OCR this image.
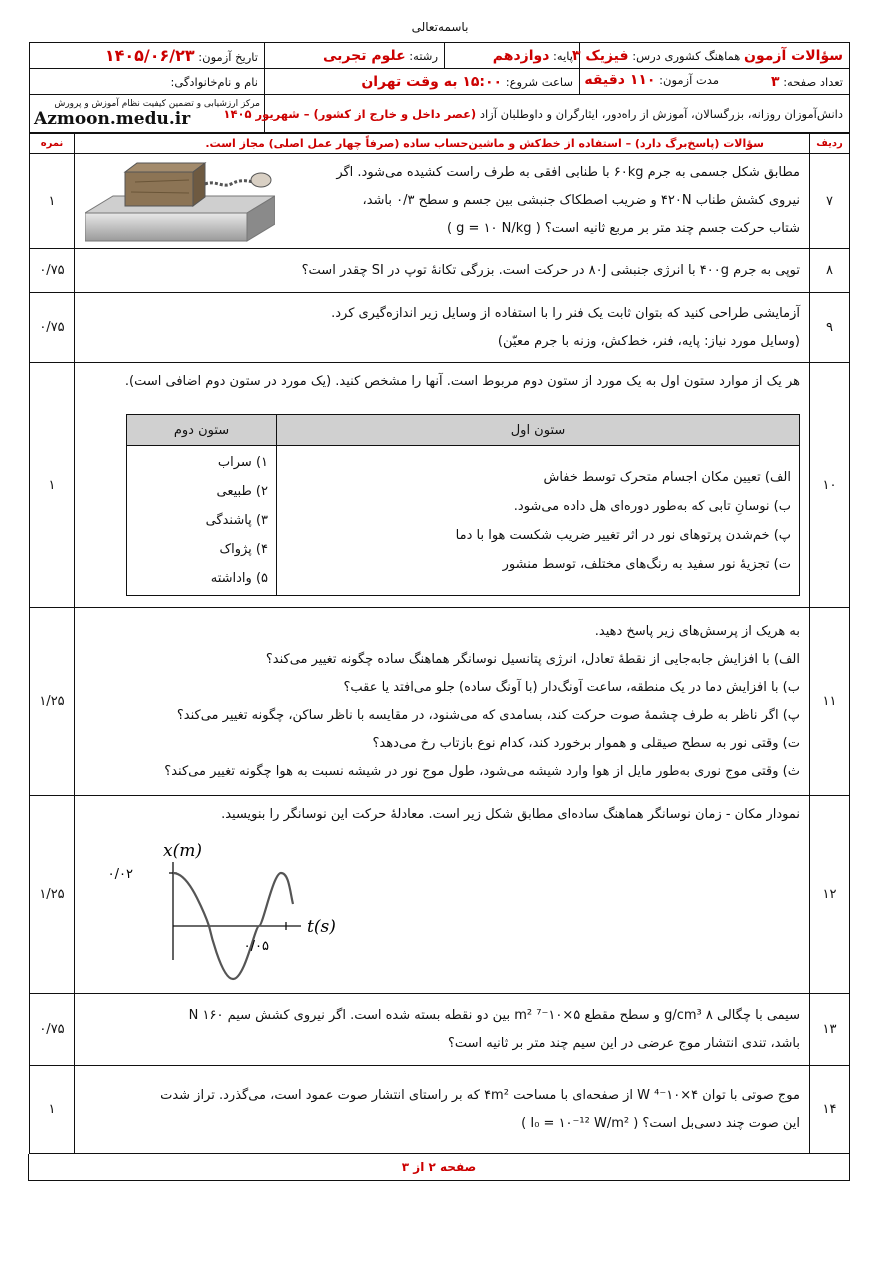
باسمه‌تعالی
سؤالات آزمون هماهنگ کشوری درس: فیزیک ۳	پایه: دوازدهم	رشته: علوم تجربی	تاریخ آزمون: ۱۴۰۵/۰۶/۲۳
تعداد صفحه: ۳
مدت آزمون: ۱۱۰ دقیقه	ساعت شروع: ۱۵:۰۰ به وقت تهران		نام و نام‌خانوادگی:
دانش‌آموزان روزانه، بزرگسالان، آموزش از راه‌دور، ایثارگران و داوطلبان آزاد (عصر داخل و خارج از کشور) – شهریور ۱۴۰۵			مرکز ارزشیابی و تضمین کیفیت نظام آموزش و پرورش
Azmoon.medu.ir
ردیف	سؤالات (پاسخ‌برگ دارد) – استفاده از خط‌کش و ماشین‌حساب ساده (صرفاً چهار عمل اصلی) مجاز است.	نمره
۷	
مطابق شکل جسمی به جرم ۶۰kg با طنابی افقی به طرف راست کشیده می‌شود. اگر
نیروی کشش طناب ۴۲۰N و ضریب اصطکاک جنبشی بین جسم و سطح ۰/۳ باشد،
شتاب حرکت جسم چند متر بر مربع ثانیه است؟ ( g = ۱۰ N/kg )
	۱
۸	
توپی به جرم ۴۰۰g با انرژی جنبشی ۸۰J در حرکت است. بزرگی تکانهٔ توپ در SI چقدر است؟
	۰/۷۵
۹	
آزمایشی طراحی کنید که بتوان ثابت یک فنر را با استفاده از وسایل زیر اندازه‌گیری کرد.
(وسایل مورد نیاز: پایه، فنر، خط‌کش، وزنه با جرم معیّن)
	۰/۷۵
۱۰	
هر یک از موارد ستون اول به یک مورد از ستون دوم مربوط است. آنها را مشخص کنید. (یک مورد در ستون دوم اضافی است).
ستون اول	ستون دوم

الف) تعیین مکان اجسام متحرک توسط خفاش
ب) نوسانِ تابی که به‌طور دوره‌ای هل داده می‌شود.
پ) خم‌شدن پرتوهای نور در اثر تغییر ضریب شکست هوا با دما
ت) تجزیهٔ نور سفید به رنگ‌های مختلف، توسط منشور

۱) سراب
۲) طبیعی
۳) پاشندگی
۴) پژواک
۵) واداشته
	۱
۱۱	
به هریک از پرسش‌های زیر پاسخ دهید.
الف) با افزایش جابه‌جایی از نقطهٔ تعادل، انرژی پتانسیل نوسانگر هماهنگ ساده چگونه تغییر می‌کند؟
ب) با افزایش دما در یک منطقه، ساعت آونگ‌دار (با آونگ ساده) جلو می‌افتد یا عقب؟
پ) اگر ناظر به طرف چشمهٔ صوت حرکت کند، بسامدی که می‌شنود، در مقایسه با ناظر ساکن، چگونه تغییر می‌کند؟
ت) وقتی نور به سطح صیقلی و هموار برخورد کند، کدام نوع بازتاب رخ می‌دهد؟
ث) وقتی موج نوری به‌طور مایل از هوا وارد شیشه می‌شود، طول موج نور در شیشه نسبت به هوا چگونه تغییر می‌کند؟
	۱/۲۵
۱۲	
نمودار مکان - زمان نوسانگر هماهنگ ساده‌ای مطابق شکل زیر است. معادلهٔ حرکت این نوسانگر را بنویسید.
x(m)
t(s)
۰/۰۲
۰/۰۵
	۱/۲۵
۱۳	
سیمی با چگالی ۸ g/cm³ و سطح مقطع ۵×۱۰⁻⁷ m² بین دو نقطه بسته شده است. اگر نیروی کشش سیم ۱۶۰ N
باشد، تندی انتشار موج عرضی در این سیم چند متر بر ثانیه است؟
	۰/۷۵
۱۴	
موج صوتی با توان ۴×۱۰⁻⁴ W از صفحه‌ای با مساحت ۴m² که بر راستای انتشار صوت عمود است، می‌گذرد. تراز شدت
این صوت چند دسی‌بل است؟ ( I₀ = ۱۰⁻¹² W/m² )
	۱
صفحه ۲ از ۳
